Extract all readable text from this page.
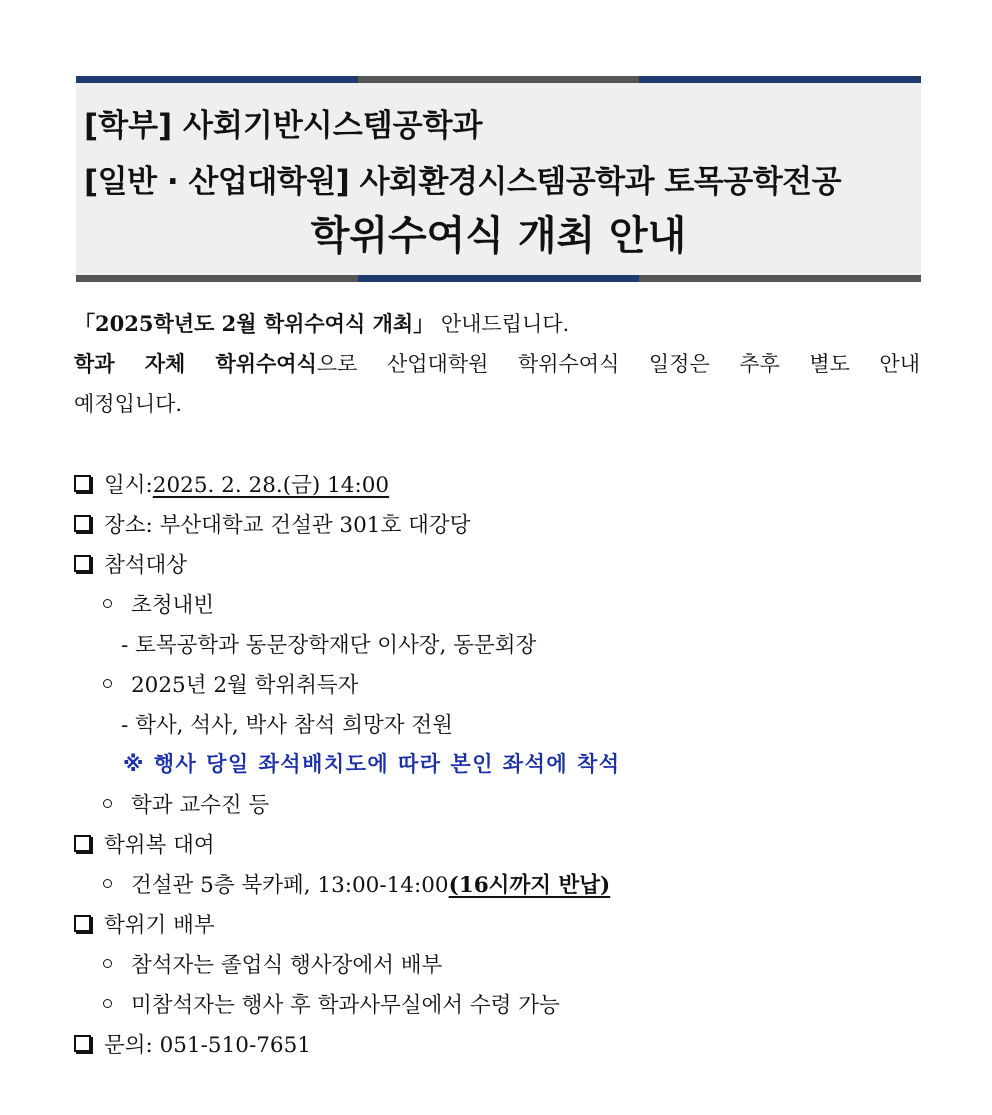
[학부] 사회기반시스템공학과
[일반 · 산업대학원] 사회환경시스템공학과 토목공학전공
학위수여식 개최 안내

「2025학년도 2월 학위수여식 개최」 안내드립니다.

학과 자체 학위수여식으로 산업대학원 학위수여식 일정은 추후 별도 안내

예정입니다.

일시: 2025. 2. 28.(금) 14:00
장소: 부산대학교 건설관 301호 대강당
참석대상
초청내빈
- 토목공학과 동문장학재단 이사장, 동문회장
2025년 2월 학위취득자
- 학사, 석사, 박사 참석 희망자 전원
※ 행사 당일 좌석배치도에 따라 본인 좌석에 착석
학과 교수진 등
학위복 대여
건설관 5층 북카페, 13:00-14:00 (16시까지 반납)
학위기 배부
참석자는 졸업식 행사장에서 배부
미참석자는 행사 후 학과사무실에서 수령 가능
문의: 051-510-7651
